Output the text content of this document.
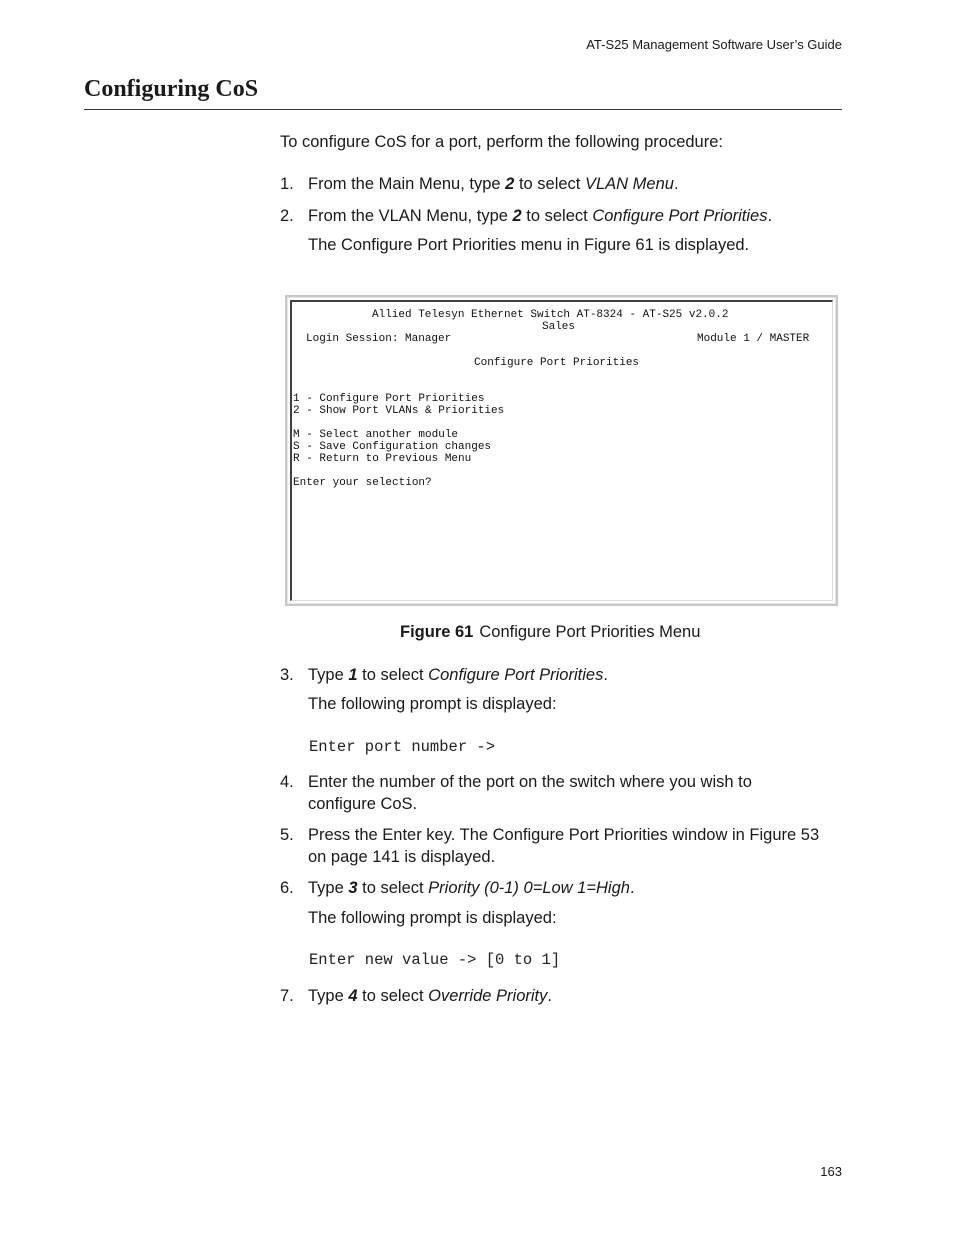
AT-S25 Management Software User’s Guide
Configuring CoS
To configure CoS for a port, perform the following procedure:
1. From the Main Menu, type 2 to select VLAN Menu.
2. From the VLAN Menu, type 2 to select Configure Port Priorities.
The Configure Port Priorities menu in Figure 61 is displayed.
Allied Telesyn Ethernet Switch AT-8324 - AT-S25 v2.0.2
Sales
Login Session: Manager	Module 1 / MASTER
Configure Port Priorities
1 - Configure Port Priorities
2 - Show Port VLANs & Priorities
M - Select another module
S - Save Configuration changes
R - Return to Previous Menu
Enter your selection?
Figure 61 Configure Port Priorities Menu
3. Type 1 to select Configure Port Priorities.
The following prompt is displayed:
Enter port number ->
4. Enter the number of the port on the switch where you wish to
configure CoS.
5. Press the Enter key. The Configure Port Priorities window in Figure 53
on page 141 is displayed.
6. Type 3 to select Priority (0-1) 0=Low 1=High.
The following prompt is displayed:
Enter new value -> [0 to 1]
7. Type 4 to select Override Priority.
163
